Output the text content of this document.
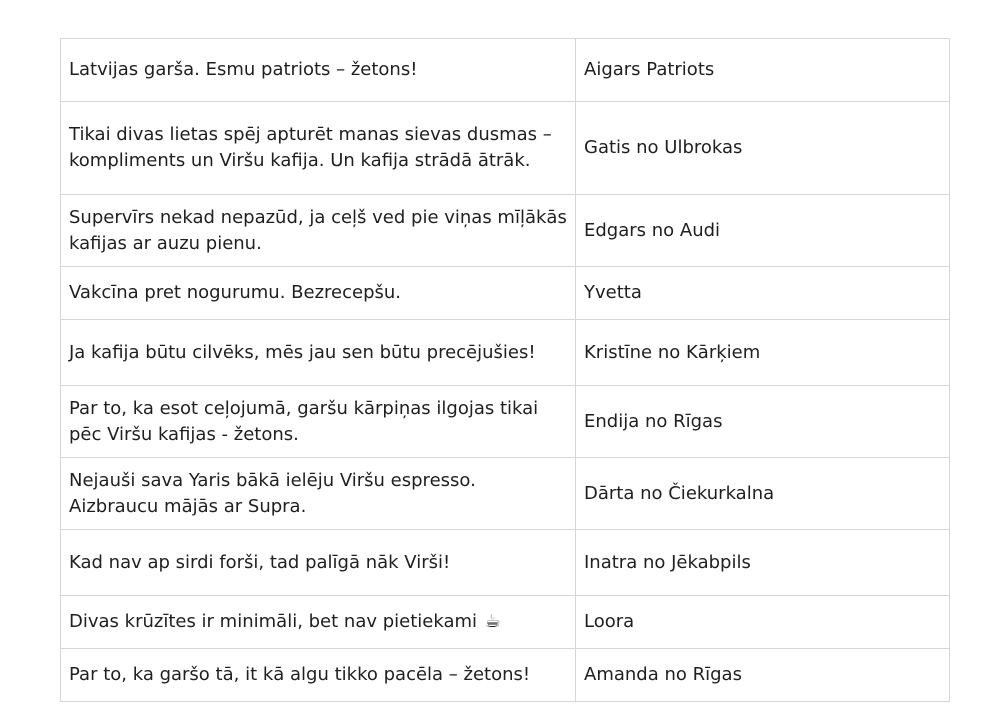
Latvijas garša. Esmu patriots – žetons!	Aigars Patriots
Tikai divas lietas spēj apturēt manas sievas dusmas – kompliments un Viršu kafija. Un kafija strādā ātrāk.	Gatis no Ulbrokas
Supervīrs nekad nepazūd, ja ceļš ved pie viņas mīļākās kafijas ar auzu pienu.	Edgars no Audi
Vakcīna pret nogurumu. Bezrecepšu.	Yvetta
Ja kafija būtu cilvēks, mēs jau sen būtu precējušies!	Kristīne no Kārķiem
Par to, ka esot ceļojumā, garšu kārpiņas ilgojas tikai pēc Viršu kafijas - žetons.	Endija no Rīgas
Nejauši sava Yaris bākā ielēju Viršu espresso. Aizbraucu mājās ar Supra.	Dārta no Čiekurkalna
Kad nav ap sirdi forši, tad palīgā nāk Virši!	Inatra no Jēkabpils
Divas krūzītes ir minimāli, bet nav pietiekami ☕	Loora
Par to, ka garšo tā, it kā algu tikko pacēla – žetons!	Amanda no Rīgas
